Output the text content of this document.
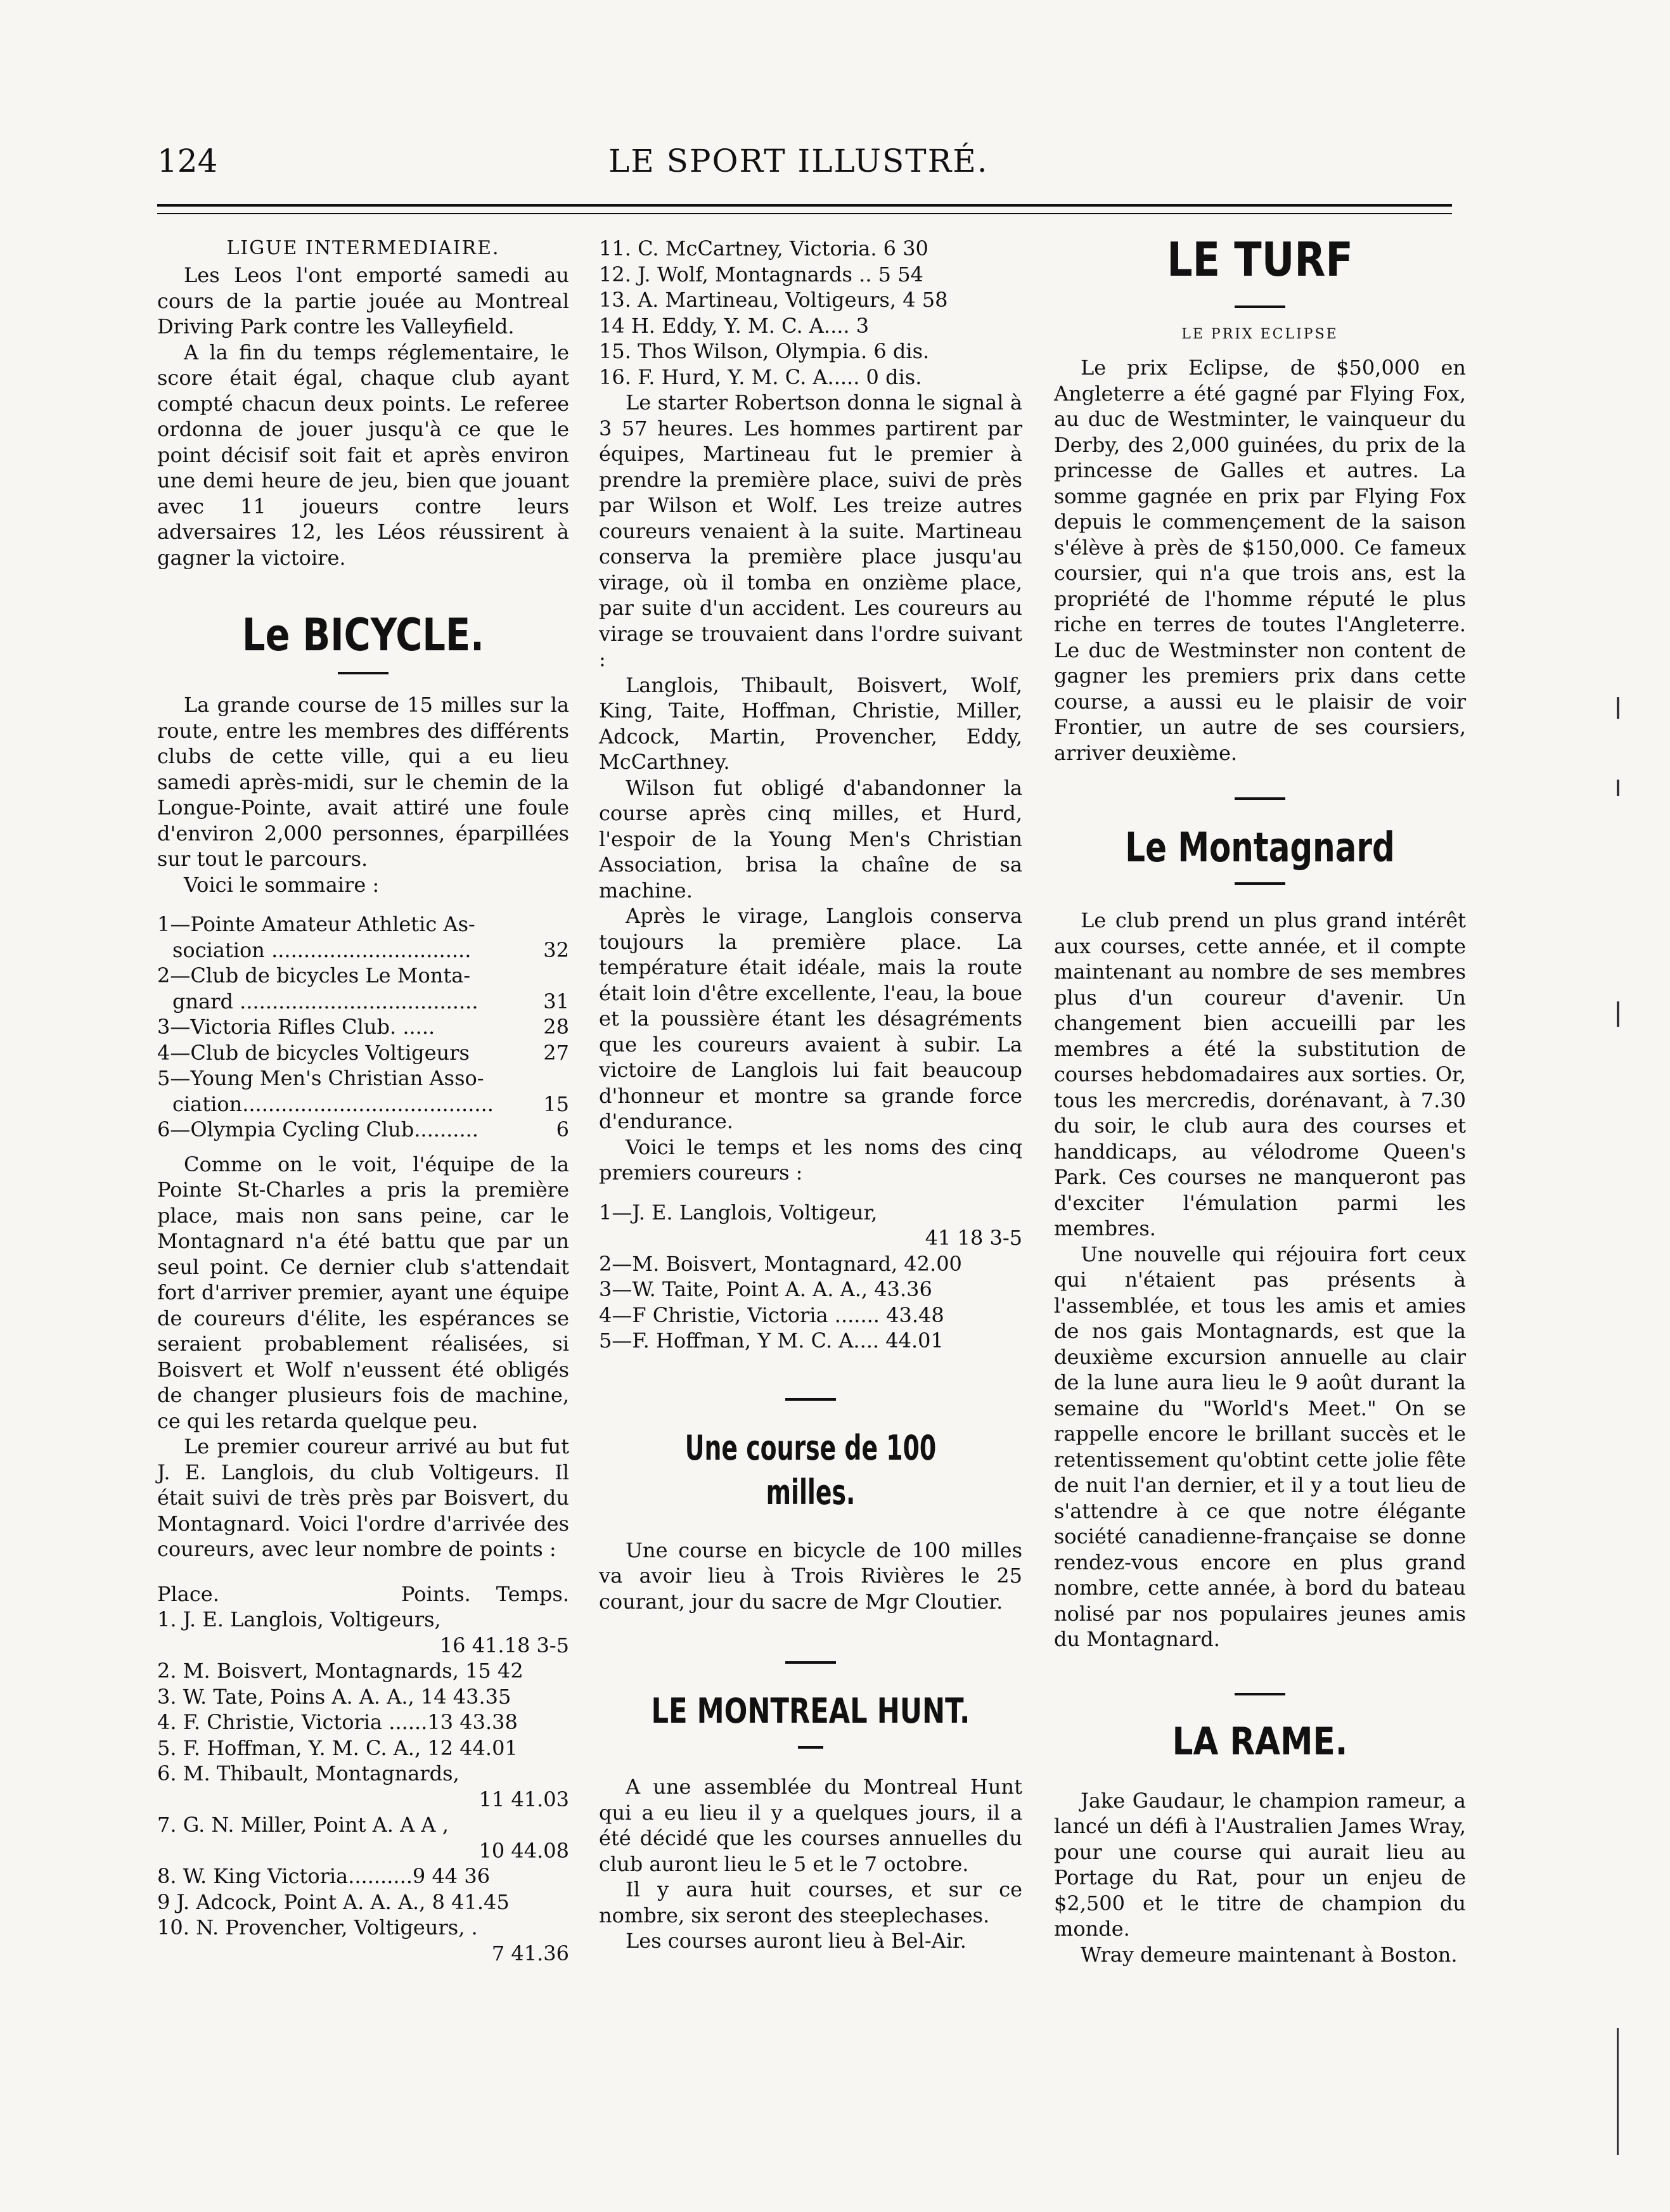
124	LE SPORT ILLUSTRÉ.
LIGUE INTERMEDIAIRE.

Les Leos l'ont emporté samedi au cours de la partie jouée au Montreal Driving Park contre les Valleyfield.

A la fin du temps réglementaire, le score était égal, chaque club ayant compté chacun deux points. Le referee ordonna de jouer jusqu'à ce que le point décisif soit fait et après environ une demi heure de jeu, bien que jouant avec 11 joueurs contre leurs adversaires 12, les Léos réussirent à gagner la victoire.

Le BICYCLE.

La grande course de 15 milles sur la route, entre les membres des différents clubs de cette ville, qui a eu lieu samedi après-midi, sur le chemin de la Longue-Pointe, avait attiré une foule d'environ 2,000 personnes, éparpillées sur tout le parcours.

Voici le sommaire :

1—Pointe Amateur Athletic As-
sociation ...............................	32
2—Club de bicycles Le Monta-
gnard .....................................	31
3—Victoria Rifles Club. .....	28
4—Club de bicycles Voltigeurs	27
5—Young Men's Christian Asso-
ciation.......................................	15
6—Olympia Cycling Club..........	6

Comme on le voit, l'équipe de la Pointe St-Charles a pris la première place, mais non sans peine, car le Montagnard n'a été battu que par un seul point. Ce dernier club s'attendait fort d'arriver premier, ayant une équipe de coureurs d'élite, les espérances se seraient probablement réalisées, si Boisvert et Wolf n'eussent été obligés de changer plusieurs fois de machine, ce qui les retarda quelque peu.

Le premier coureur arrivé au but fut J. E. Langlois, du club Voltigeurs. Il était suivi de très près par Boisvert, du Montagnard. Voici l'ordre d'arrivée des coureurs, avec leur nombre de points :

Place.	Points. Temps.
1. J. E. Langlois, Voltigeurs,
16 41.18 3-5
2. M. Boisvert, Montagnards, 15 42
3. W. Tate, Poins A. A. A., 14 43.35
4. F. Christie, Victoria ......13 43.38
5. F. Hoffman, Y. M. C. A., 12 44.01
6. M. Thibault, Montagnards,
11 41.03
7. G. N. Miller, Point A. A A ,
10 44.08
8. W. King Victoria..........9 44 36
9 J. Adcock, Point A. A. A., 8 41.45
10. N. Provencher, Voltigeurs, .
7 41.36
11. C. McCartney, Victoria. 6 30
12. J. Wolf, Montagnards .. 5 54
13. A. Martineau, Voltigeurs, 4 58
14 H. Eddy, Y. M. C. A.... 3
15. Thos Wilson, Olympia. 6 dis.
16. F. Hurd, Y. M. C. A..... 0 dis.

Le starter Robertson donna le signal à 3 57 heures. Les hommes partirent par équipes, Martineau fut le premier à prendre la première place, suivi de près par Wilson et Wolf. Les treize autres coureurs venaient à la suite. Martineau conserva la première place jusqu'au virage, où il tomba en onzième place, par suite d'un accident. Les coureurs au virage se trouvaient dans l'ordre suivant :

Langlois, Thibault, Boisvert, Wolf, King, Taite, Hoffman, Christie, Miller, Adcock, Martin, Provencher, Eddy, McCarthney.

Wilson fut obligé d'abandonner la course après cinq milles, et Hurd, l'espoir de la Young Men's Christian Association, brisa la chaîne de sa machine.

Après le virage, Langlois conserva toujours la première place. La température était idéale, mais la route était loin d'être excellente, l'eau, la boue et la poussière étant les désagréments que les coureurs avaient à subir. La victoire de Langlois lui fait beaucoup d'honneur et montre sa grande force d'endurance.

Voici le temps et les noms des cinq premiers coureurs :

1—J. E. Langlois, Voltigeur,
41 18 3-5
2—M. Boisvert, Montagnard, 42.00
3—W. Taite, Point A. A. A., 43.36
4—F Christie, Victoria ....... 43.48
5—F. Hoffman, Y M. C. A.... 44.01
Une course de 100 milles.

Une course en bicycle de 100 milles va avoir lieu à Trois Rivières le 25 courant, jour du sacre de Mgr Cloutier.

LE MONTREAL HUNT.

A une assemblée du Montreal Hunt qui a eu lieu il y a quelques jours, il a été décidé que les courses annuelles du club auront lieu le 5 et le 7 octobre.

Il y aura huit courses, et sur ce nombre, six seront des steeplechases.

Les courses auront lieu à Bel-Air.

LE TURF
LE PRIX ECLIPSE

Le prix Eclipse, de $50,000 en Angleterre a été gagné par Flying Fox, au duc de Westminter, le vainqueur du Derby, des 2,000 guinées, du prix de la princesse de Galles et autres. La somme gagnée en prix par Flying Fox depuis le commençement de la saison s'élève à près de $150,000. Ce fameux coursier, qui n'a que trois ans, est la propriété de l'homme réputé le plus riche en terres de toutes l'Angleterre. Le duc de Westminster non content de gagner les premiers prix dans cette course, a aussi eu le plaisir de voir Frontier, un autre de ses coursiers, arriver deuxième.

Le Montagnard

Le club prend un plus grand intérêt aux courses, cette année, et il compte maintenant au nombre de ses membres plus d'un coureur d'avenir. Un changement bien accueilli par les membres a été la substitution de courses hebdomadaires aux sorties. Or, tous les mercredis, dorénavant, à 7.30 du soir, le club aura des courses et handdicaps, au vélodrome Queen's Park. Ces courses ne manqueront pas d'exciter l'émulation parmi les membres.

Une nouvelle qui réjouira fort ceux qui n'étaient pas présents à l'assemblée, et tous les amis et amies de nos gais Montagnards, est que la deuxième excursion annuelle au clair de la lune aura lieu le 9 août durant la semaine du "World's Meet." On se rappelle encore le brillant succès et le retentissement qu'obtint cette jolie fête de nuit l'an dernier, et il y a tout lieu de s'attendre à ce que notre élégante société canadienne-française se donne rendez-vous encore en plus grand nombre, cette année, à bord du bateau nolisé par nos populaires jeunes amis du Montagnard.

LA RAME.

Jake Gaudaur, le champion rameur, a lancé un défi à l'Australien James Wray, pour une course qui aurait lieu au Portage du Rat, pour un enjeu de $2,500 et le titre de champion du monde.

Wray demeure maintenant à Boston.
